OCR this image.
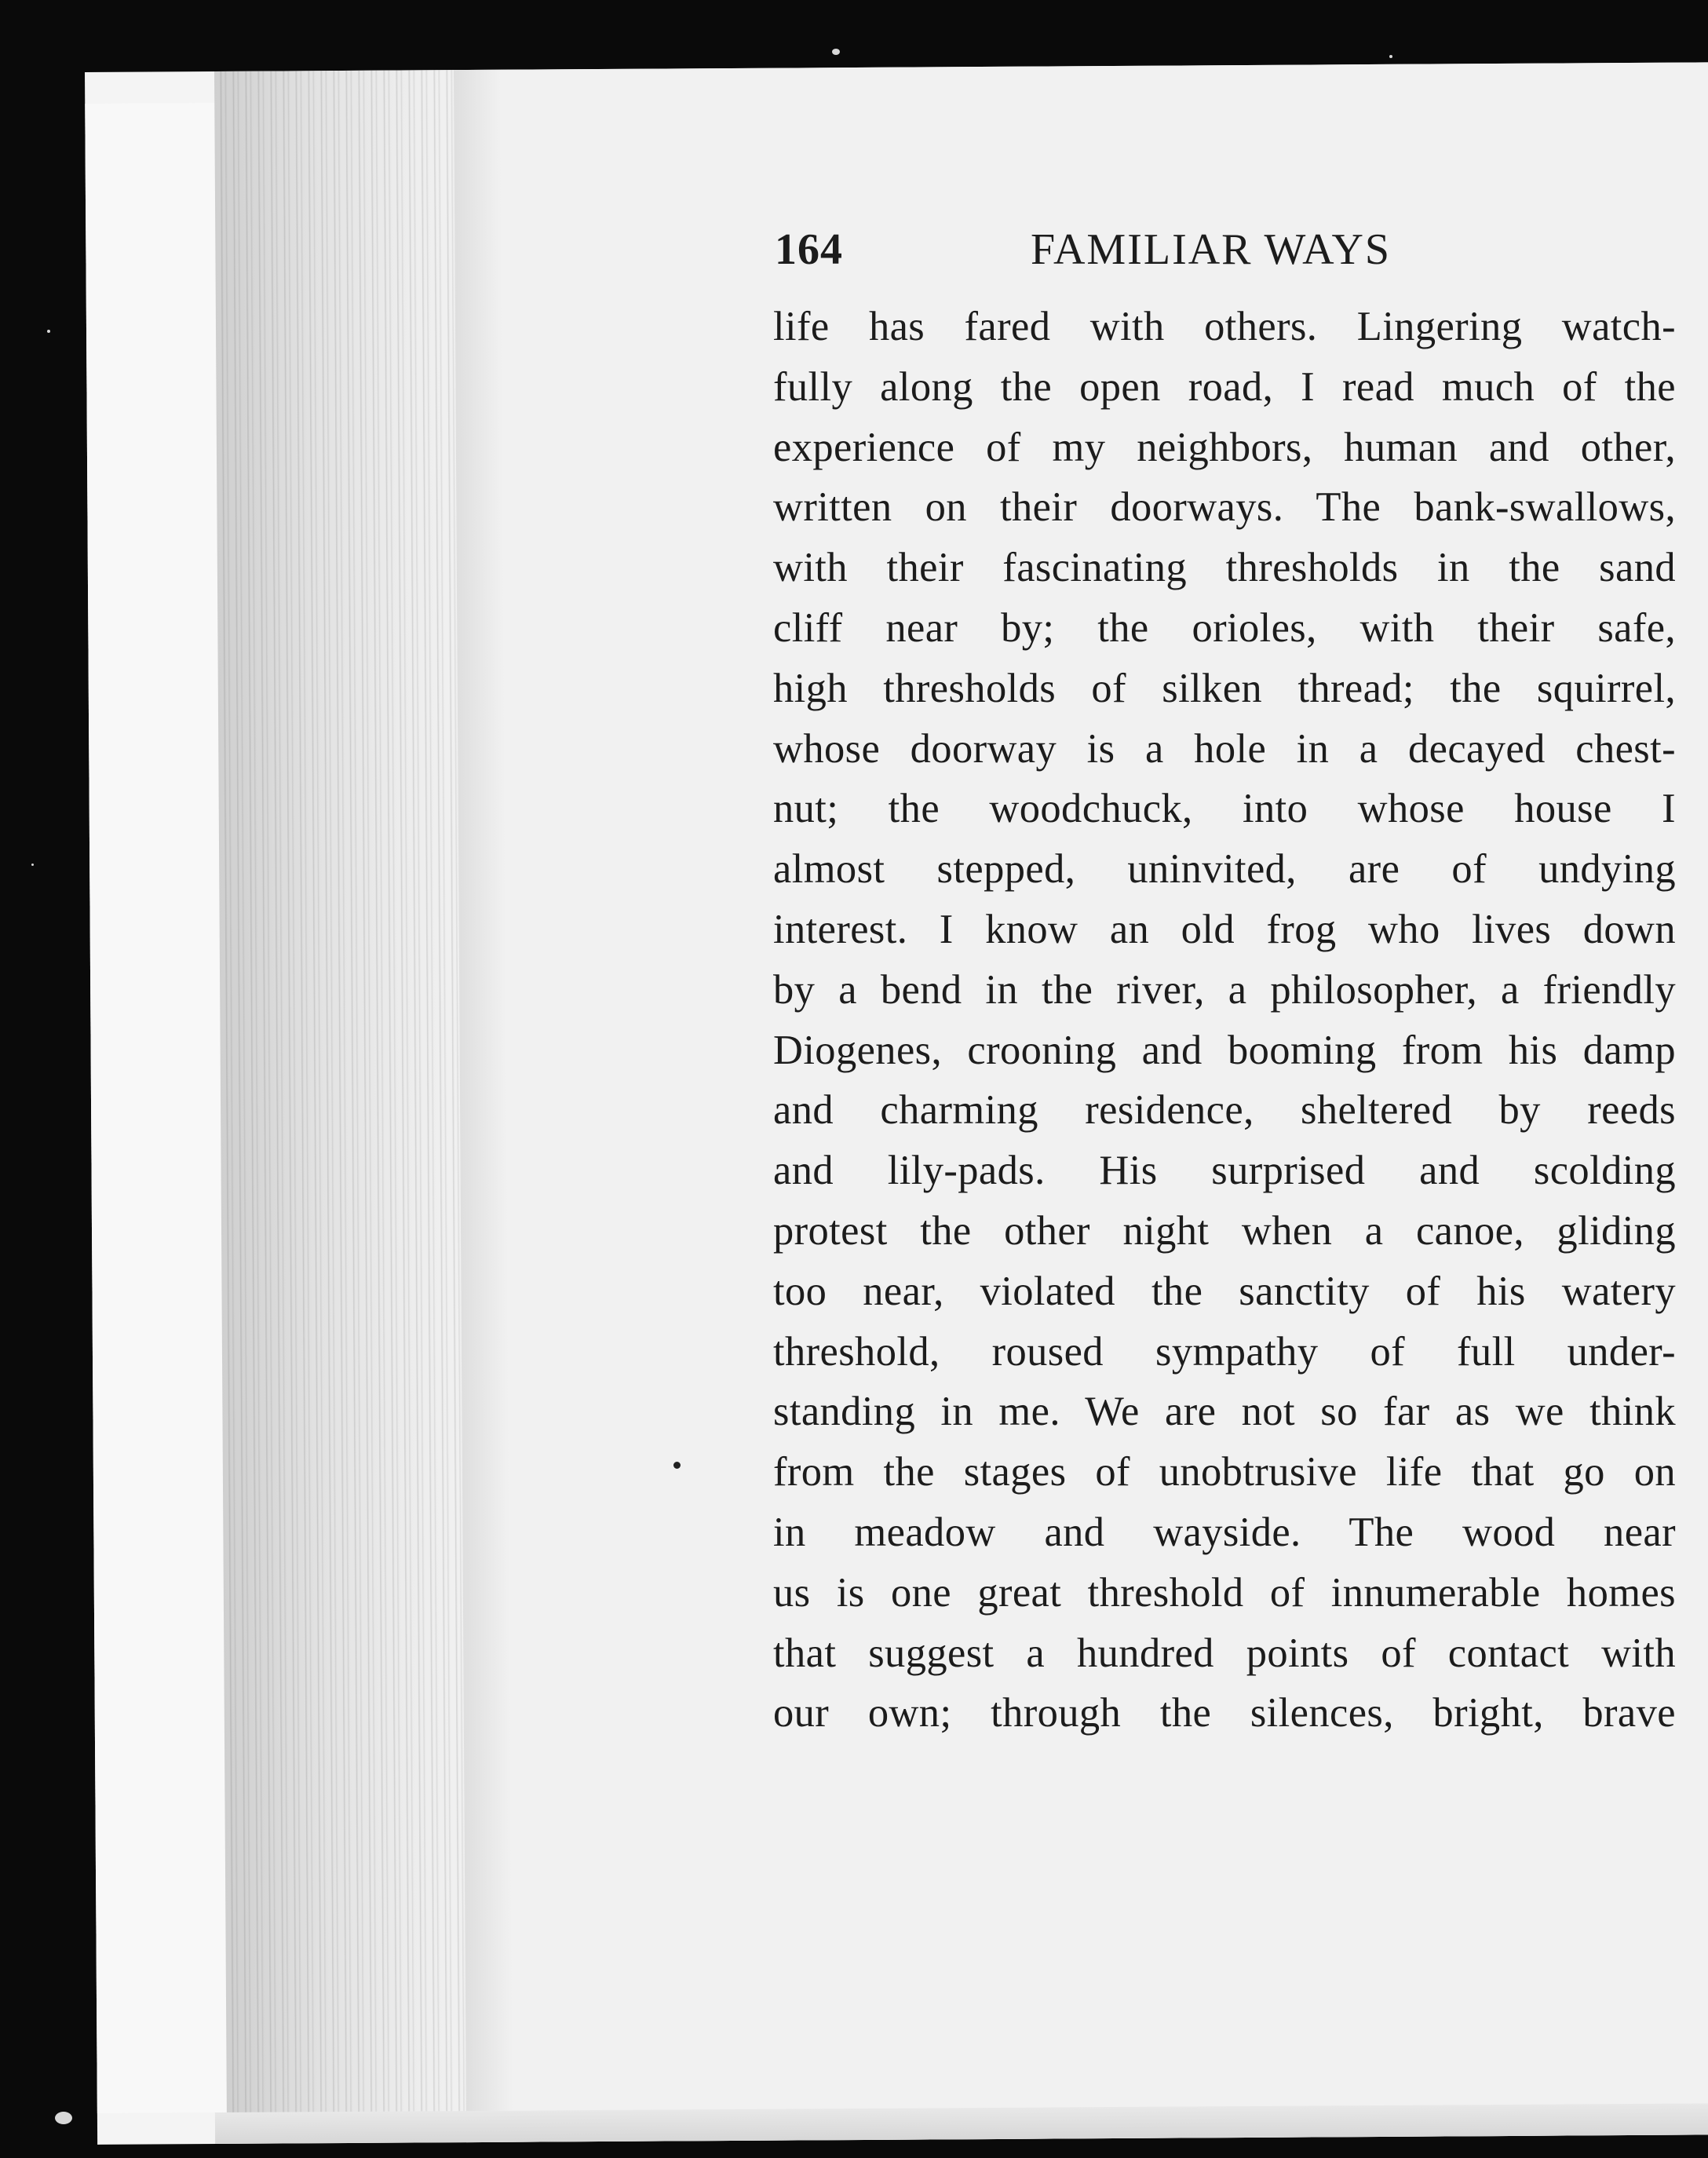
164	FAMILIAR WAYS
life has fared with others. Lingering watch-
fully along the open road, I read much of the
experience of my neighbors, human and other,
written on their doorways. The bank-swallows,
with their fascinating thresholds in the sand
cliff near by; the orioles, with their safe,
high thresholds of silken thread; the squirrel,
whose doorway is a hole in a decayed chest-
nut; the woodchuck, into whose house I
almost stepped, uninvited, are of undying
interest. I know an old frog who lives down
by a bend in the river, a philosopher, a friendly
Diogenes, crooning and booming from his damp
and charming residence, sheltered by reeds
and lily-pads. His surprised and scolding
protest the other night when a canoe, gliding
too near, violated the sanctity of his watery
threshold, roused sympathy of full under-
standing in me. We are not so far as we think
from the stages of unobtrusive life that go on
in meadow and wayside. The wood near
us is one great threshold of innumerable homes
that suggest a hundred points of contact with
our own; through the silences, bright, brave
